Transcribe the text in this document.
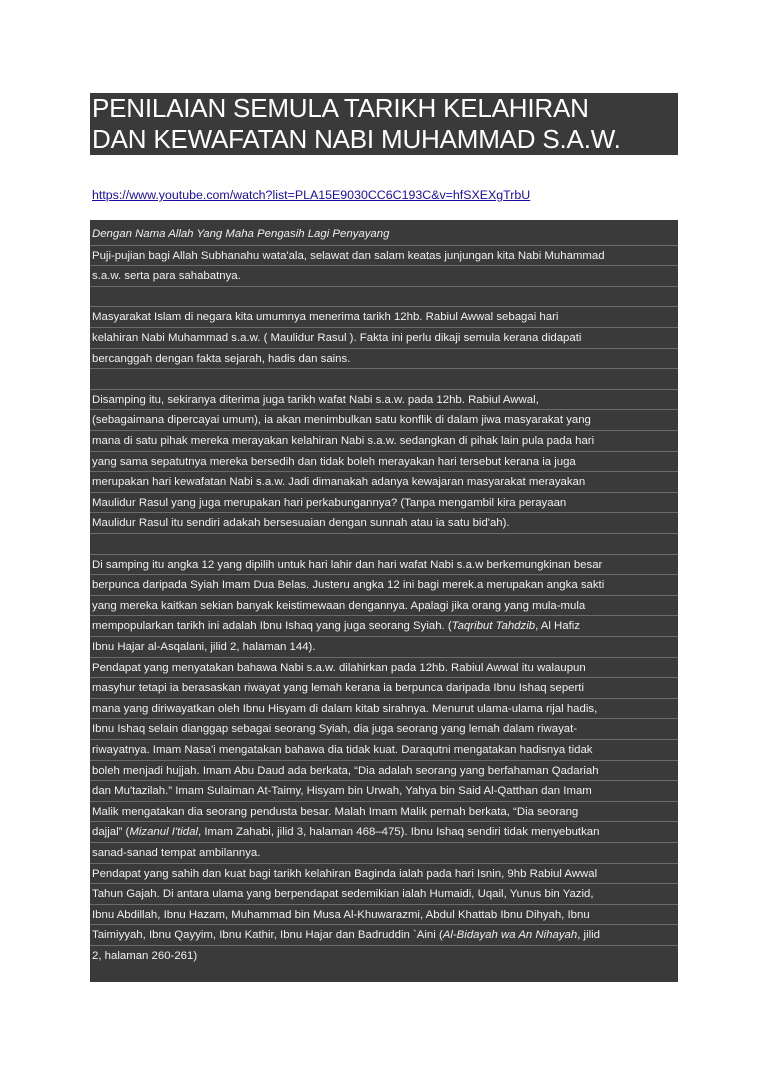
PENILAIAN SEMULA TARIKH KELAHIRAN
DAN KEWAFATAN NABI MUHAMMAD S.A.W.
https://www.youtube.com/watch?list=PLA15E9030CC6C193C&v=hfSXEXgTrbU
Dengan Nama Allah Yang Maha Pengasih Lagi Penyayang
Puji-pujian bagi Allah Subhanahu wata'ala, selawat dan salam keatas junjungan kita Nabi Muhammad
s.a.w. serta para sahabatnya.
Masyarakat Islam di negara kita umumnya menerima tarikh 12hb. Rabiul Awwal sebagai hari
kelahiran Nabi Muhammad s.a.w. ( Maulidur Rasul ). Fakta ini perlu dikaji semula kerana didapati
bercanggah dengan fakta sejarah, hadis dan sains.
Disamping itu, sekiranya diterima juga tarikh wafat Nabi s.a.w. pada 12hb. Rabiul Awwal,
(sebagaimana dipercayai umum), ia akan menimbulkan satu konflik di dalam jiwa masyarakat yang
mana di satu pihak mereka merayakan kelahiran Nabi s.a.w. sedangkan di pihak lain pula pada hari
yang sama sepatutnya mereka bersedih dan tidak boleh merayakan hari tersebut kerana ia juga
merupakan hari kewafatan Nabi s.a.w. Jadi dimanakah adanya kewajaran masyarakat merayakan
Maulidur Rasul yang juga merupakan hari perkabungannya? (Tanpa mengambil kira perayaan
Maulidur Rasul itu sendiri adakah bersesuaian dengan sunnah atau ia satu bid'ah).
Di samping itu angka 12 yang dipilih untuk hari lahir dan hari wafat Nabi s.a.w berkemungkinan besar
berpunca daripada Syiah Imam Dua Belas. Justeru angka 12 ini bagi merek.a merupakan angka sakti
yang mereka kaitkan sekian banyak keistimewaan dengannya. Apalagi jika orang yang mula-mula
mempopularkan tarikh ini adalah Ibnu Ishaq yang juga seorang Syiah. (Taqribut Tahdzib, Al Hafiz
Ibnu Hajar al-Asqalani, jilid 2, halaman 144).
Pendapat yang menyatakan bahawa Nabi s.a.w. dilahirkan pada 12hb. Rabiul Awwal itu walaupun
masyhur tetapi ia berasaskan riwayat yang lemah kerana ia berpunca daripada Ibnu Ishaq seperti
mana yang diriwayatkan oleh Ibnu Hisyam di dalam kitab sirahnya. Menurut ulama-ulama rijal hadis,
Ibnu Ishaq selain dianggap sebagai seorang Syiah, dia juga seorang yang lemah dalam riwayat-
riwayatnya. Imam Nasa'i mengatakan bahawa dia tidak kuat. Daraqutni mengatakan hadisnya tidak
boleh menjadi hujjah. Imam Abu Daud ada berkata, “Dia adalah seorang yang berfahaman Qadariah
dan Mu'tazilah.” Imam Sulaiman At-Taimy, Hisyam bin Urwah, Yahya bin Said Al-Qatthan dan Imam
Malik mengatakan dia seorang pendusta besar. Malah Imam Malik pernah berkata, “Dia seorang
dajjal” (Mizanul I'tidal, Imam Zahabi, jilid 3, halaman 468–475). Ibnu Ishaq sendiri tidak menyebutkan
sanad-sanad tempat ambilannya.
Pendapat yang sahih dan kuat bagi tarikh kelahiran Baginda ialah pada hari Isnin, 9hb Rabiul Awwal
Tahun Gajah. Di antara ulama yang berpendapat sedemikian ialah Humaidi, Uqail, Yunus bin Yazid,
Ibnu Abdillah, Ibnu Hazam, Muhammad bin Musa Al-Khuwarazmi, Abdul Khattab Ibnu Dihyah, Ibnu
Taimiyyah, Ibnu Qayyim, Ibnu Kathir, Ibnu Hajar dan Badruddin `Aini (Al-Bidayah wa An Nihayah, jilid
2, halaman 260-261)
